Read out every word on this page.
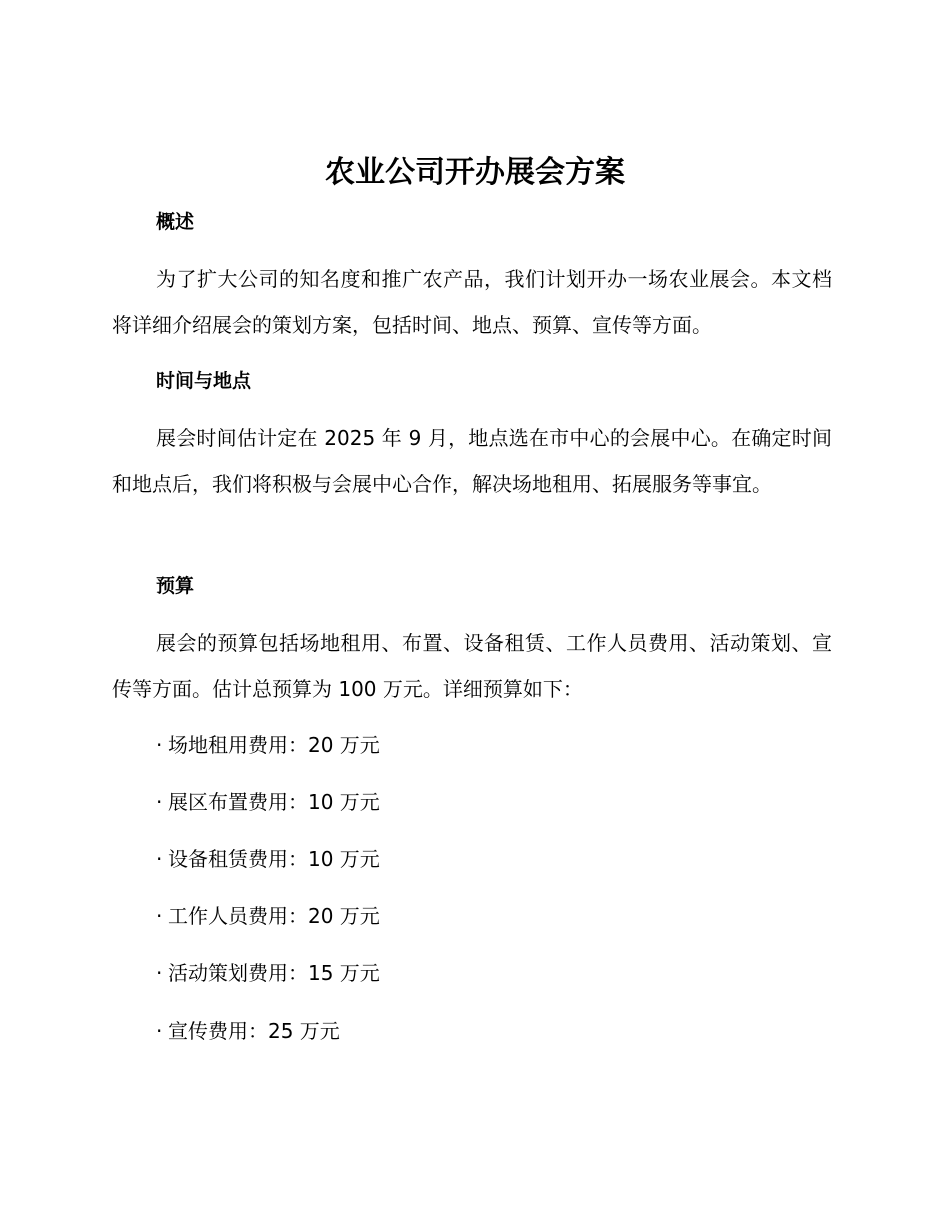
农业公司开办展会方案
概述

为了扩大公司的知名度和推广农产品，我们计划开办一场农业展会。本文档将详细介绍展会的策划方案，包括时间、地点、预算、宣传等方面。

时间与地点

展会时间估计定在 2025 年 9 月，地点选在市中心的会展中心。在确定时间和地点后，我们将积极与会展中心合作，解决场地租用、拓展服务等事宜。

预算

展会的预算包括场地租用、布置、设备租赁、工作人员费用、活动策划、宣传等方面。估计总预算为 100 万元。详细预算如下：

· 场地租用费用：20 万元
· 展区布置费用：10 万元
· 设备租赁费用：10 万元
· 工作人员费用：20 万元
· 活动策划费用：15 万元
· 宣传费用：25 万元
